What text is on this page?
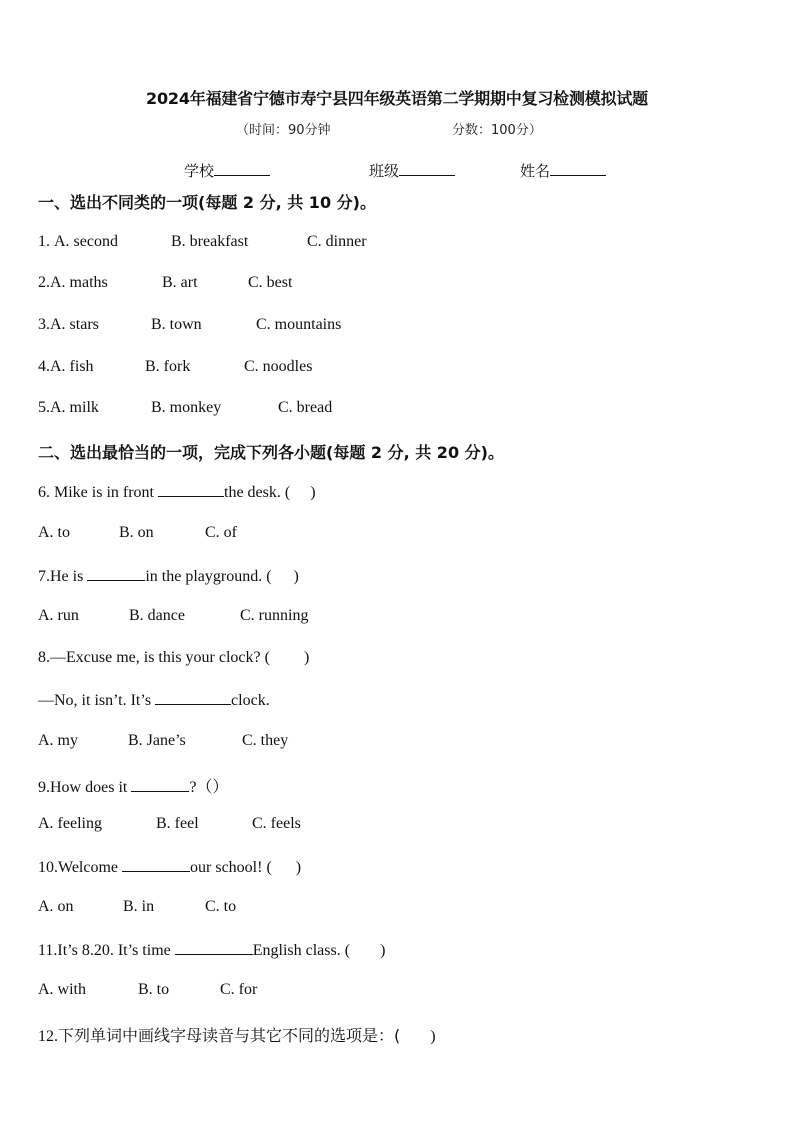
2024年福建省宁德市寿宁县四年级英语第二学期期中复习检测模拟试题
（时间：90分钟	分数：100分）
学校	班级	姓名
一、选出不同类的一项(每题 2 分, 共 10 分)。
1. A. second	B. breakfast	C. dinner
2.A. maths	B. art	C. best
3.A. stars	B. town	C. mountains
4.A. fish	B. fork	C. noodles
5.A. milk	B. monkey	C. bread
二、选出最恰当的一项，完成下列各小题(每题 2 分, 共 20 分)。
6. Mike is in front	the desk. ( )
A. to	B. on	C. of
7.He is	in the playground. ( )
A. run	B. dance	C. running
8.—Excuse me, is this your clock? ( )
—No, it isn’t. It’s	clock.
A. my	B. Jane’s	C. they
9.How does it	?（）
A. feeling	B. feel	C. feels
10.Welcome	our school! ( )
A. on	B. in	C. to
11.It’s 8.20. It’s time	English class. ( )
A. with	B. to	C. for
12.下列单词中画线字母读音与其它不同的选项是：( )
